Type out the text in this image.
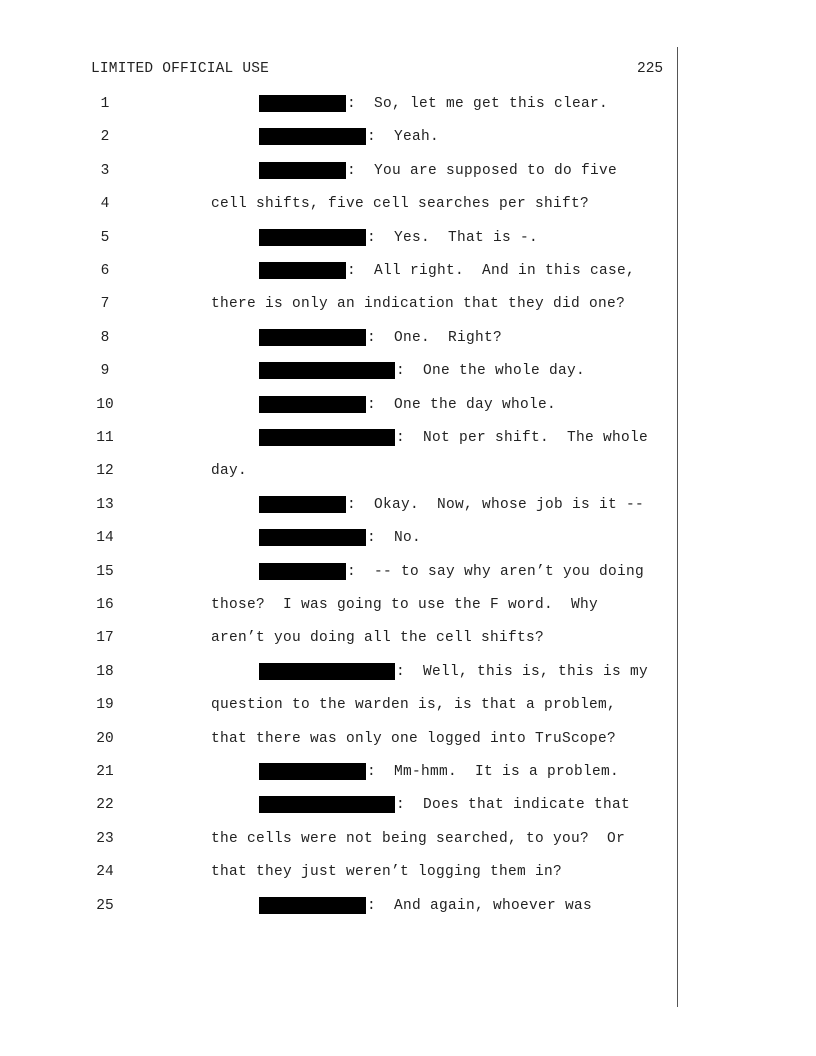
LIMITED OFFICIAL USE	225
1	:  So, let me get this clear.
2	:  Yeah.
3	:  You are supposed to do five
4	cell shifts, five cell searches per shift?
5	:  Yes.  That is -.
6	:  All right.  And in this case,
7	there is only an indication that they did one?
8	:  One.  Right?
9	:  One the whole day.
10	:  One the day whole.
11	:  Not per shift.  The whole
12	day.
13	:  Okay.  Now, whose job is it --
14	:  No.
15	:  -- to say why aren’t you doing
16	those?  I was going to use the F word.  Why
17	aren’t you doing all the cell shifts?
18	:  Well, this is, this is my
19	question to the warden is, is that a problem,
20	that there was only one logged into TruScope?
21	:  Mm-hmm.  It is a problem.
22	:  Does that indicate that
23	the cells were not being searched, to you?  Or
24	that they just weren’t logging them in?
25	:  And again, whoever was
